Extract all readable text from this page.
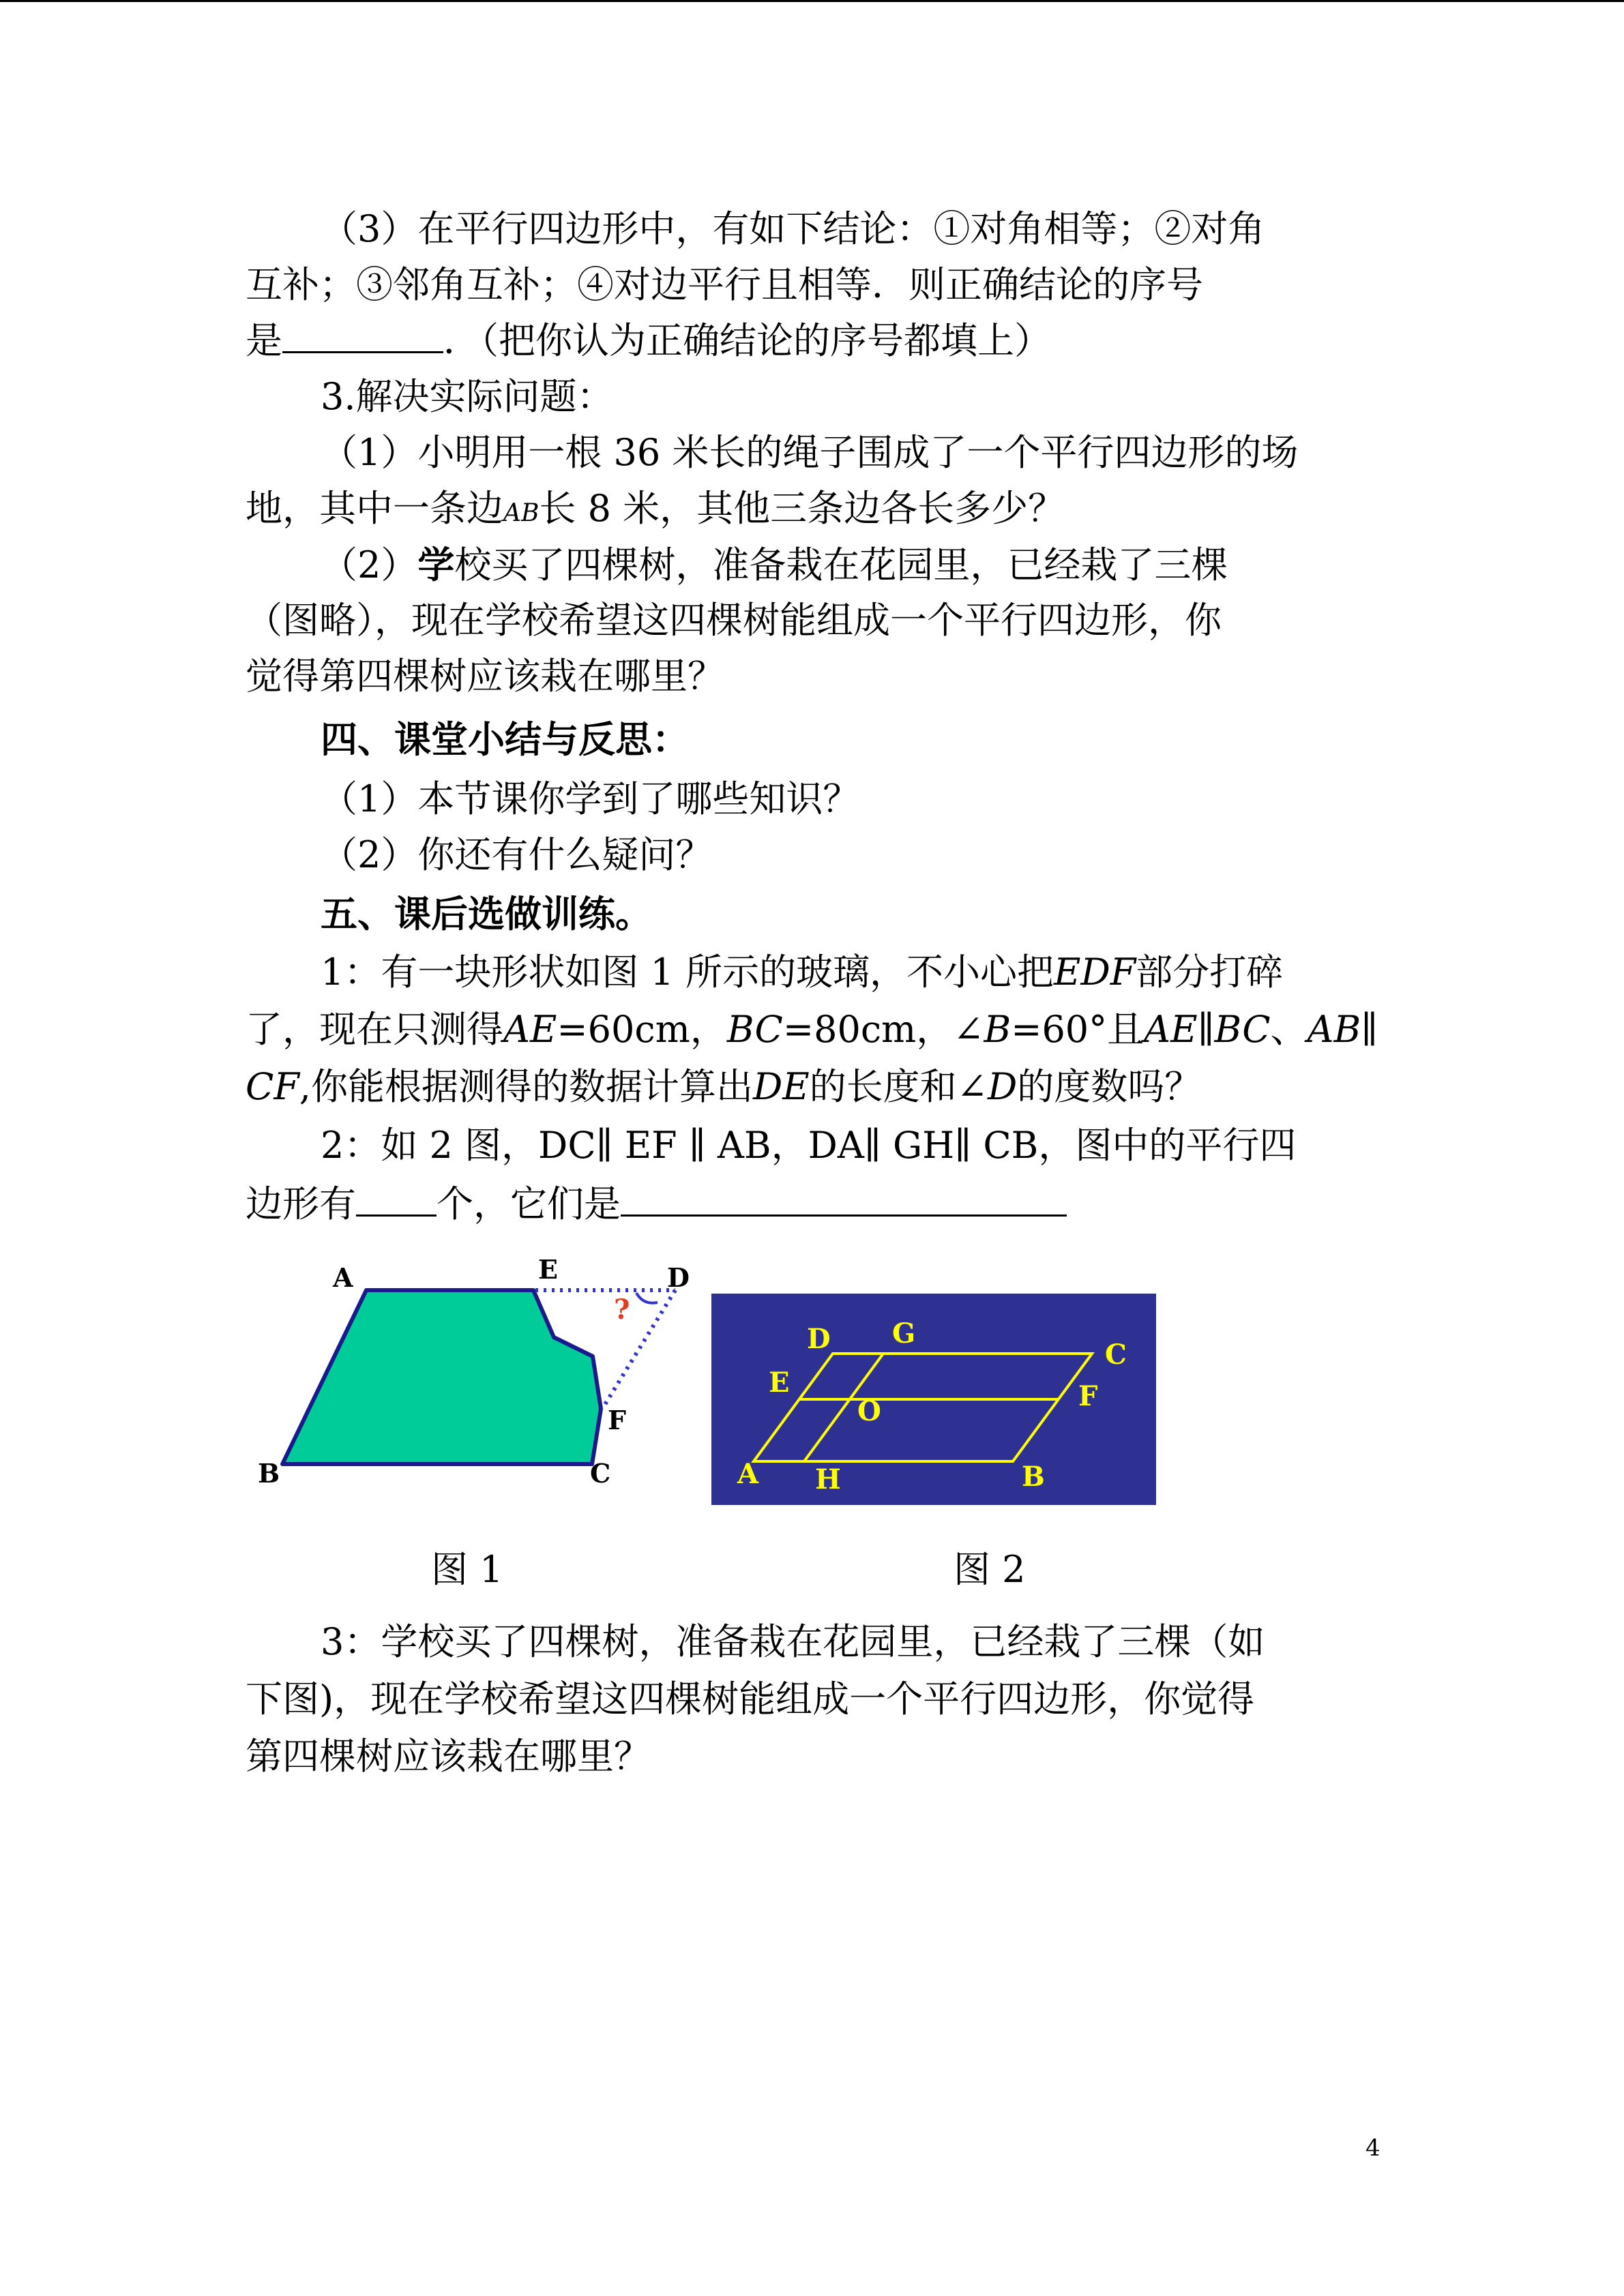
（3）在平行四边形中，有如下结论：①对角相等；②对角
互补；③邻角互补；④对边平行且相等．则正确结论的序号
是	．（把你认为正确结论的序号都填上）
3.解决实际问题：
（1）小明用一根 36 米长的绳子围成了一个平行四边形的场
地，其中一条边AB长 8 米，其他三条边各长多少？
（2）学校买了四棵树，准备栽在花园里，已经栽了三棵
（图略），现在学校希望这四棵树能组成一个平行四边形，你
觉得第四棵树应该栽在哪里？
四、课堂小结与反思：
（1）本节课你学到了哪些知识？
（2）你还有什么疑问？
五、课后选做训练。
1：有一块形状如图 1 所示的玻璃，不小心把EDF部分打碎
了，现在只测得AE=60cm，BC=80cm，∠B=60°且AE∥BC、AB∥
CF,你能根据测得的数据计算出DE的长度和∠D的度数吗？
2：如 2 图，DC∥ EF ∥ AB，DA∥ GH∥ CB，图中的平行四
边形有 个，它们是
?
A	E	D
F
B	C
D G
C
E	F
O
A H	B
图 1	图 2
3：学校买了四棵树，准备栽在花园里，已经栽了三棵（如
下图)，现在学校希望这四棵树能组成一个平行四边形，你觉得
第四棵树应该栽在哪里？
4
